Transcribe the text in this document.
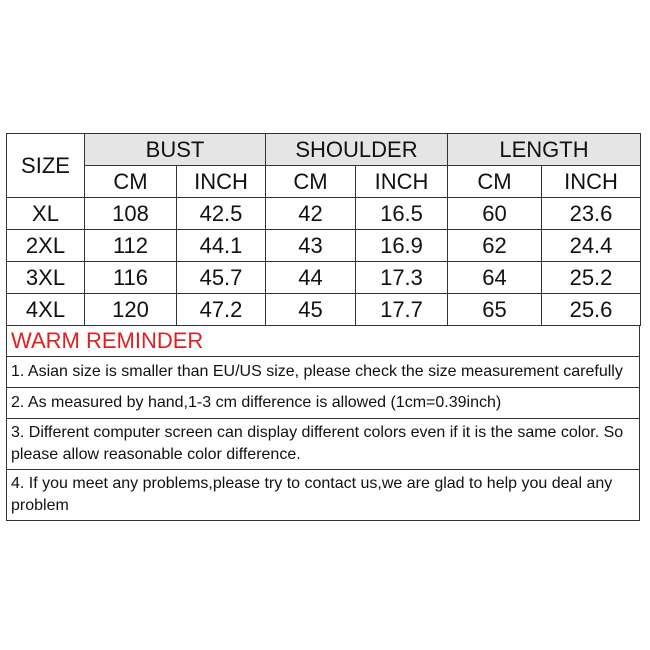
SIZE	BUST		SHOULDER		LENGTH	
	CM	INCH	CM	INCH	CM	INCH
XL	108	42.5	42	16.5	60	23.6
2XL	112	44.1	43	16.9	62	24.4
3XL	116	45.7	44	17.3	64	25.2
4XL	120	47.2	45	17.7	65	25.6
WARM REMINDER
1. Asian size is smaller than EU/US size, please check the size measurement carefully
2. As measured by hand,1-3 cm difference is allowed (1cm=0.39inch)
3. Different computer screen can display different colors even if it is the same color. So please allow reasonable color difference.
4. If you meet any problems,please try to contact us,we are glad to help you deal any problem
